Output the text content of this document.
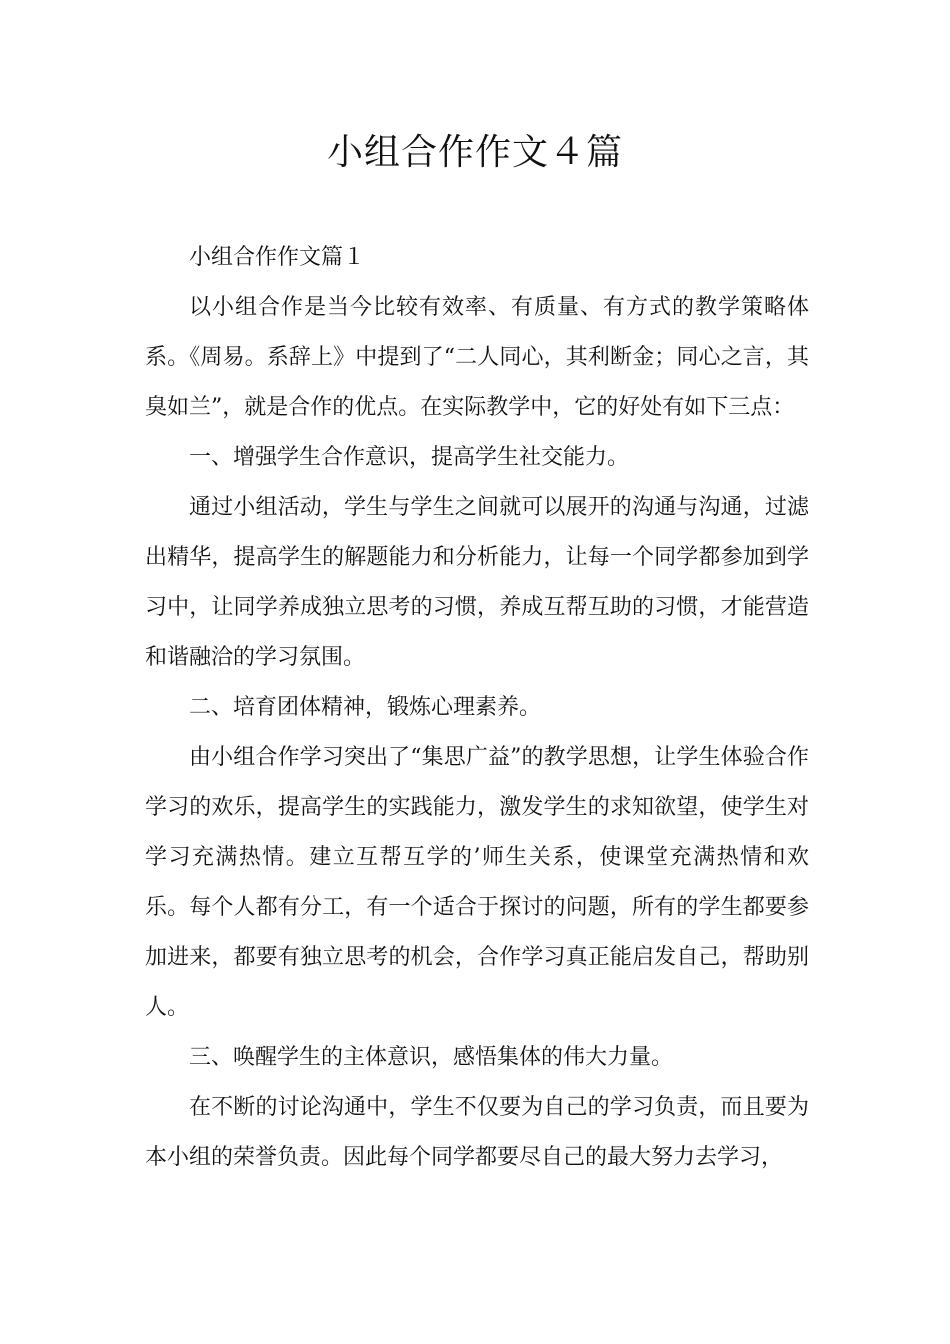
小组合作作文４篇

小组合作作文篇１

以小组合作是当今比较有效率、有质量、有方式的教学策略体系。《周易。系辞上》中提到了“二人同心，其利断金；同心之言，其臭如兰”，就是合作的优点。在实际教学中，它的好处有如下三点：

一、增强学生合作意识，提高学生社交能力。

通过小组活动，学生与学生之间就可以展开的沟通与沟通，过滤出精华，提高学生的解题能力和分析能力，让每一个同学都参加到学习中，让同学养成独立思考的习惯，养成互帮互助的习惯，才能营造和谐融洽的学习氛围。

二、培育团体精神，锻炼心理素养。

由小组合作学习突出了“集思广益”的教学思想，让学生体验合作学习的欢乐，提高学生的实践能力，激发学生的求知欲望，使学生对学习充满热情。建立互帮互学的’师生关系，使课堂充满热情和欢乐。每个人都有分工，有一个适合于探讨的问题，所有的学生都要参加进来，都要有独立思考的机会，合作学习真正能启发自己，帮助别人。

三、唤醒学生的主体意识，感悟集体的伟大力量。

在不断的讨论沟通中，学生不仅要为自己的学习负责，而且要为本小组的荣誉负责。因此每个同学都要尽自己的最大努力去学习，
